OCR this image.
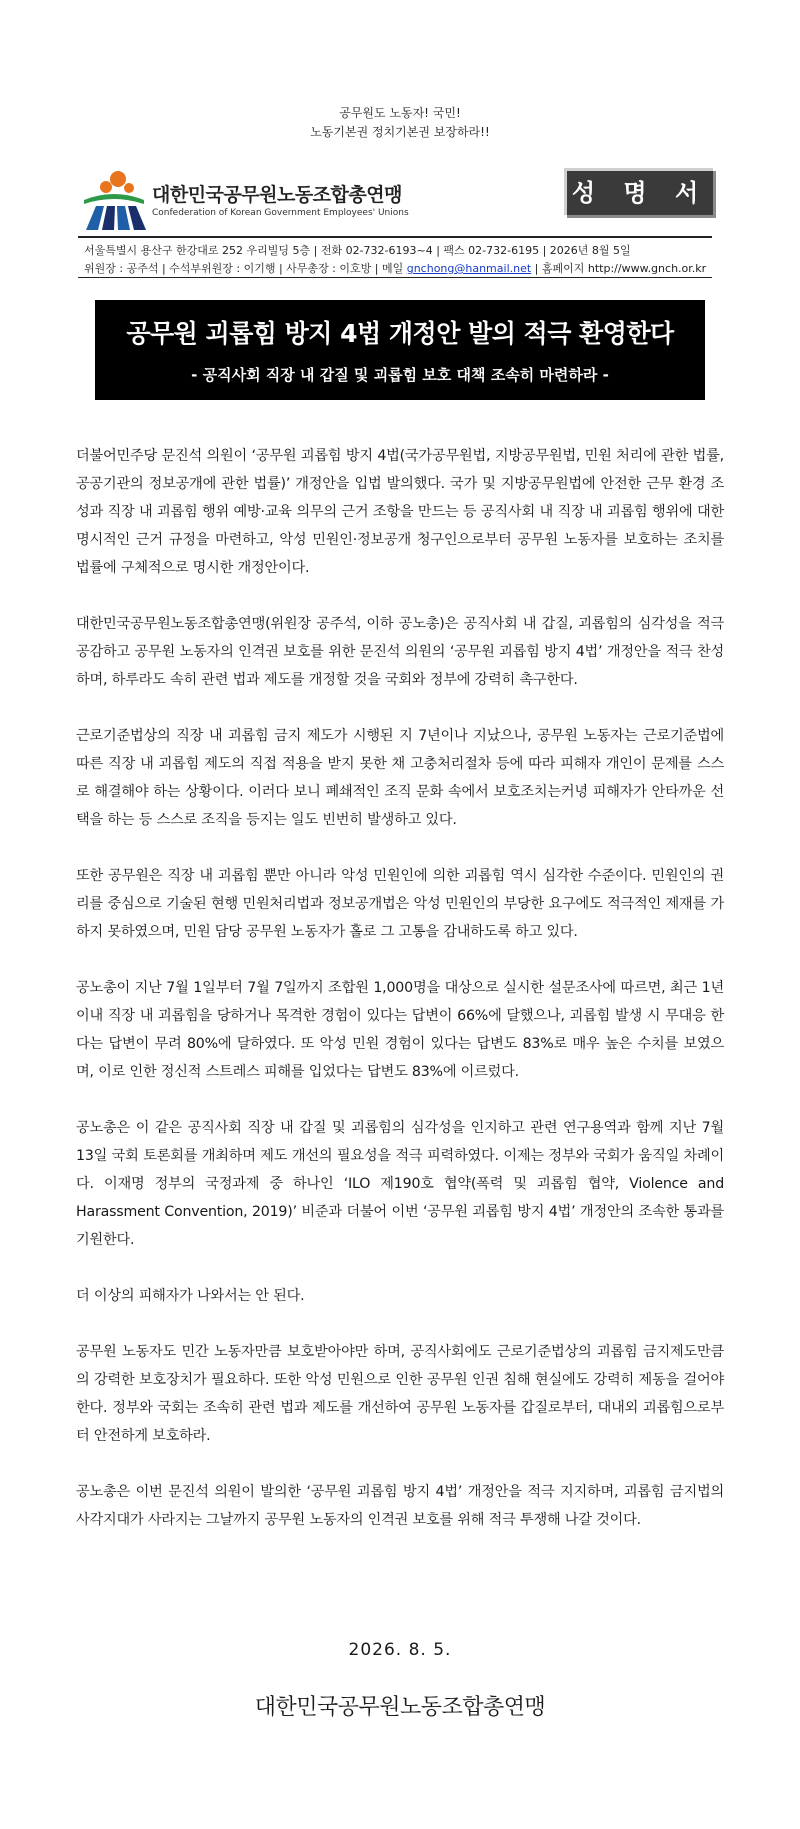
공무원도 노동자! 국민!
노동기본권 정치기본권 보장하라!!
대한민국공무원노동조합총연맹
Confederation of Korean Government Employees' Unions
성 명 서
서울특별시 용산구 한강대로 252 우리빌딩 5층 | 전화 02-732-6193~4 | 팩스 02-732-6195 | 2026년 8월 5일
위원장 : 공주석 | 수석부위원장 : 이기행 | 사무총장 : 이호방 | 메일 gnchong@hanmail.net | 홈페이지 http://www.gnch.or.kr
공무원 괴롭힘 방지 4법 개정안 발의 적극 환영한다
- 공직사회 직장 내 갑질 및 괴롭힘 보호 대책 조속히 마련하라 -

더불어민주당 문진석 의원이 ‘공무원 괴롭힘 방지 4법(국가공무원법, 지방공무원법, 민원 처리에 관한 법률, 공공기관의 정보공개에 관한 법률)’ 개정안을 입법 발의했다. 국가 및 지방공무원법에 안전한 근무 환경 조성과 직장 내 괴롭힘 행위 예방·교육 의무의 근거 조항을 만드는 등 공직사회 내 직장 내 괴롭힘 행위에 대한 명시적인 근거 규정을 마련하고, 악성 민원인·정보공개 청구인으로부터 공무원 노동자를 보호하는 조치를 법률에 구체적으로 명시한 개정안이다.

대한민국공무원노동조합총연맹(위원장 공주석, 이하 공노총)은 공직사회 내 갑질, 괴롭힘의 심각성을 적극 공감하고 공무원 노동자의 인격권 보호를 위한 문진석 의원의 ‘공무원 괴롭힘 방지 4법’ 개정안을 적극 찬성하며, 하루라도 속히 관련 법과 제도를 개정할 것을 국회와 정부에 강력히 촉구한다.

근로기준법상의 직장 내 괴롭힘 금지 제도가 시행된 지 7년이나 지났으나, 공무원 노동자는 근로기준법에 따른 직장 내 괴롭힘 제도의 직접 적용을 받지 못한 채 고충처리절차 등에 따라 피해자 개인이 문제를 스스로 해결해야 하는 상황이다. 이러다 보니 폐쇄적인 조직 문화 속에서 보호조치는커녕 피해자가 안타까운 선택을 하는 등 스스로 조직을 등지는 일도 빈번히 발생하고 있다.

또한 공무원은 직장 내 괴롭힘 뿐만 아니라 악성 민원인에 의한 괴롭힘 역시 심각한 수준이다. 민원인의 권리를 중심으로 기술된 현행 민원처리법과 정보공개법은 악성 민원인의 부당한 요구에도 적극적인 제재를 가하지 못하였으며, 민원 담당 공무원 노동자가 홀로 그 고통을 감내하도록 하고 있다.

공노총이 지난 7월 1일부터 7월 7일까지 조합원 1,000명을 대상으로 실시한 설문조사에 따르면, 최근 1년 이내 직장 내 괴롭힘을 당하거나 목격한 경험이 있다는 답변이 66%에 달했으나, 괴롭힘 발생 시 무대응 한다는 답변이 무려 80%에 달하였다. 또 악성 민원 경험이 있다는 답변도 83%로 매우 높은 수치를 보였으며, 이로 인한 정신적 스트레스 피해를 입었다는 답변도 83%에 이르렀다.

공노총은 이 같은 공직사회 직장 내 갑질 및 괴롭힘의 심각성을 인지하고 관련 연구용역과 함께 지난 7월 13일 국회 토론회를 개최하며 제도 개선의 필요성을 적극 피력하였다. 이제는 정부와 국회가 움직일 차례이다. 이재명 정부의 국정과제 중 하나인 ‘ILO 제190호 협약(폭력 및 괴롭힘 협약, Violence and Harassment Convention, 2019)’ 비준과 더불어 이번 ‘공무원 괴롭힘 방지 4법’ 개정안의 조속한 통과를 기원한다.

더 이상의 피해자가 나와서는 안 된다.

공무원 노동자도 민간 노동자만큼 보호받아야만 하며, 공직사회에도 근로기준법상의 괴롭힘 금지제도만큼의 강력한 보호장치가 필요하다. 또한 악성 민원으로 인한 공무원 인권 침해 현실에도 강력히 제동을 걸어야 한다. 정부와 국회는 조속히 관련 법과 제도를 개선하여 공무원 노동자를 갑질로부터, 대내외 괴롭힘으로부터 안전하게 보호하라.

공노총은 이번 문진석 의원이 발의한 ‘공무원 괴롭힘 방지 4법’ 개정안을 적극 지지하며, 괴롭힘 금지법의 사각지대가 사라지는 그날까지 공무원 노동자의 인격권 보호를 위해 적극 투쟁해 나갈 것이다.

2026. 8. 5.
대한민국공무원노동조합총연맹
